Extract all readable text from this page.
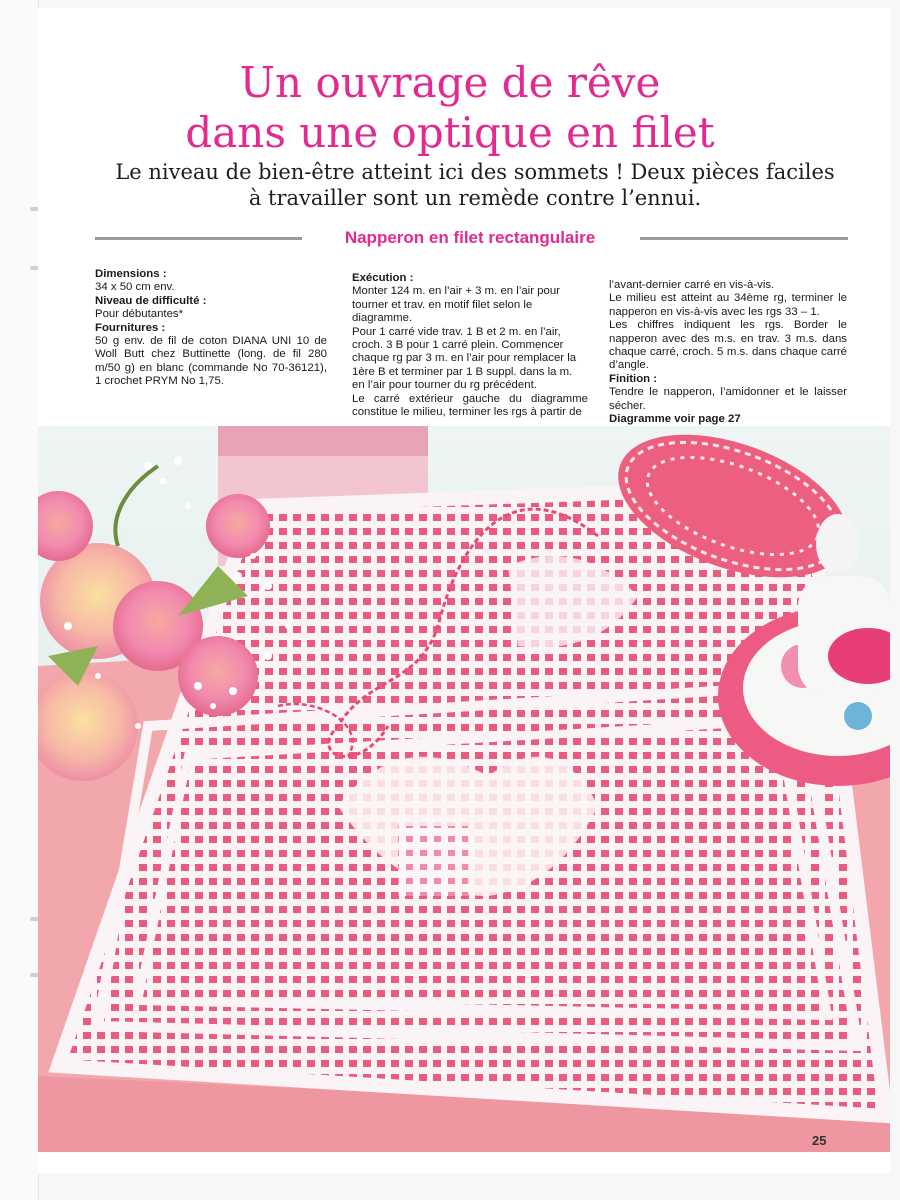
Un ouvrage de rêve
dans une optique en filet
Le niveau de bien-être atteint ici des sommets ! Deux pièces faciles
à travailler sont un remède contre l’ennui.
Napperon en filet rectangulaire

Dimensions :

34 x 50 cm env.

Niveau de difficulté :

Pour débutantes*

Fournitures :

50 g env. de fil de coton DIANA UNI 10 de Woll Butt chez Buttinette (long. de fil 280 m/50 g) en blanc (commande No 70-36121), 1 crochet PRYM No 1,75.

Exécution :

Monter 124 m. en l’air + 3 m. en l’air pour tourner et trav. en motif filet selon le diagramme.

Pour 1 carré vide trav. 1 B et 2 m. en l’air, croch. 3 B pour 1 carré plein. Commencer chaque rg par 3 m. en l’air pour remplacer la 1ère B et terminer par 1 B suppl. dans la m. en l’air pour tourner du rg précédent.

Le carré extérieur gauche du diagramme constitue le milieu, terminer les rgs à partir de

l’avant-dernier carré en vis-à-vis.

Le milieu est atteint au 34ème rg, terminer le napperon en vis-à-vis avec les rgs 33 – 1.

Les chiffres indiquent les rgs. Border le napperon avec des m.s. en trav. 3 m.s. dans chaque carré, croch. 5 m.s. dans chaque carré d’angle.

Finition :

Tendre le napperon, l’amidonner et le laisser sécher.

Diagramme voir page 27

25
